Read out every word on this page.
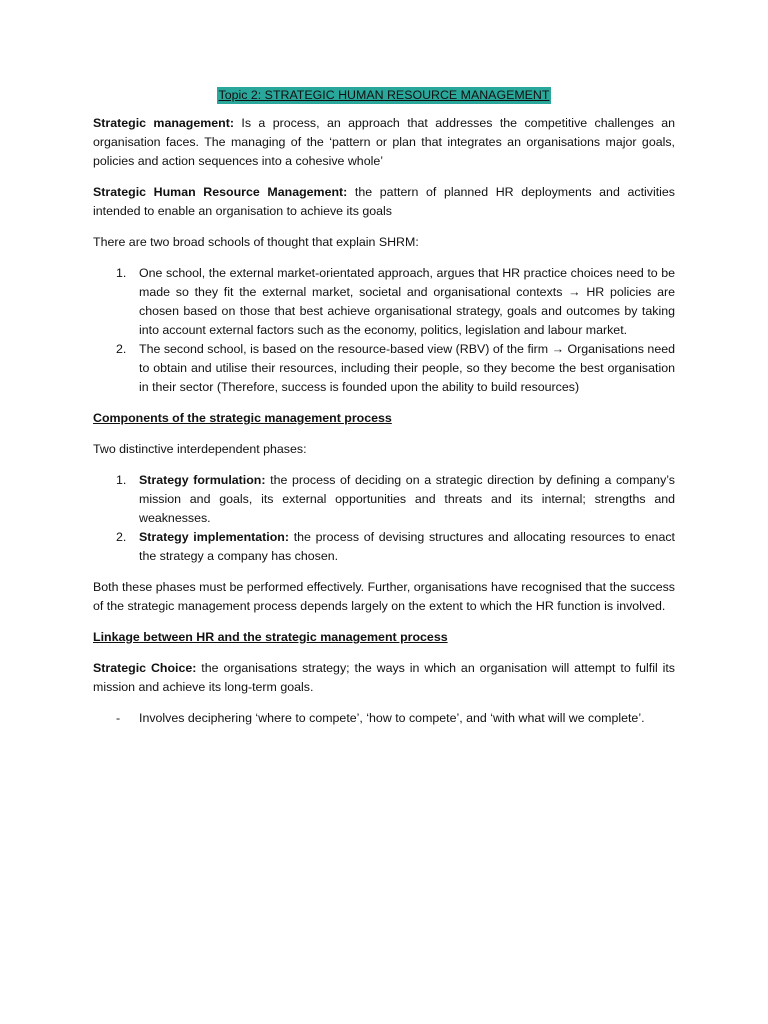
Topic 2: STRATEGIC HUMAN RESOURCE MANAGEMENT

Strategic management: Is a process, an approach that addresses the competitive challenges an organisation faces. The managing of the ‘pattern or plan that integrates an organisations major goals, policies and action sequences into a cohesive whole’

Strategic Human Resource Management: the pattern of planned HR deployments and activities intended to enable an organisation to achieve its goals

There are two broad schools of thought that explain SHRM:

1. One school, the external market-orientated approach, argues that HR practice choices need to be made so they fit the external market, societal and organisational contexts → HR policies are chosen based on those that best achieve organisational strategy, goals and outcomes by taking into account external factors such as the economy, politics, legislation and labour market.
2. The second school, is based on the resource-based view (RBV) of the firm → Organisations need to obtain and utilise their resources, including their people, so they become the best organisation in their sector (Therefore, success is founded upon the ability to build resources)
Components of the strategic management process

Two distinctive interdependent phases:

1. Strategy formulation: the process of deciding on a strategic direction by defining a company’s mission and goals, its external opportunities and threats and its internal; strengths and weaknesses.
2. Strategy implementation: the process of devising structures and allocating resources to enact the strategy a company has chosen.

Both these phases must be performed effectively. Further, organisations have recognised that the success of the strategic management process depends largely on the extent to which the HR function is involved.

Linkage between HR and the strategic management process

Strategic Choice: the organisations strategy; the ways in which an organisation will attempt to fulfil its mission and achieve its long-term goals.

- Involves deciphering ‘where to compete’, ‘how to compete’, and ‘with what will we complete’.
